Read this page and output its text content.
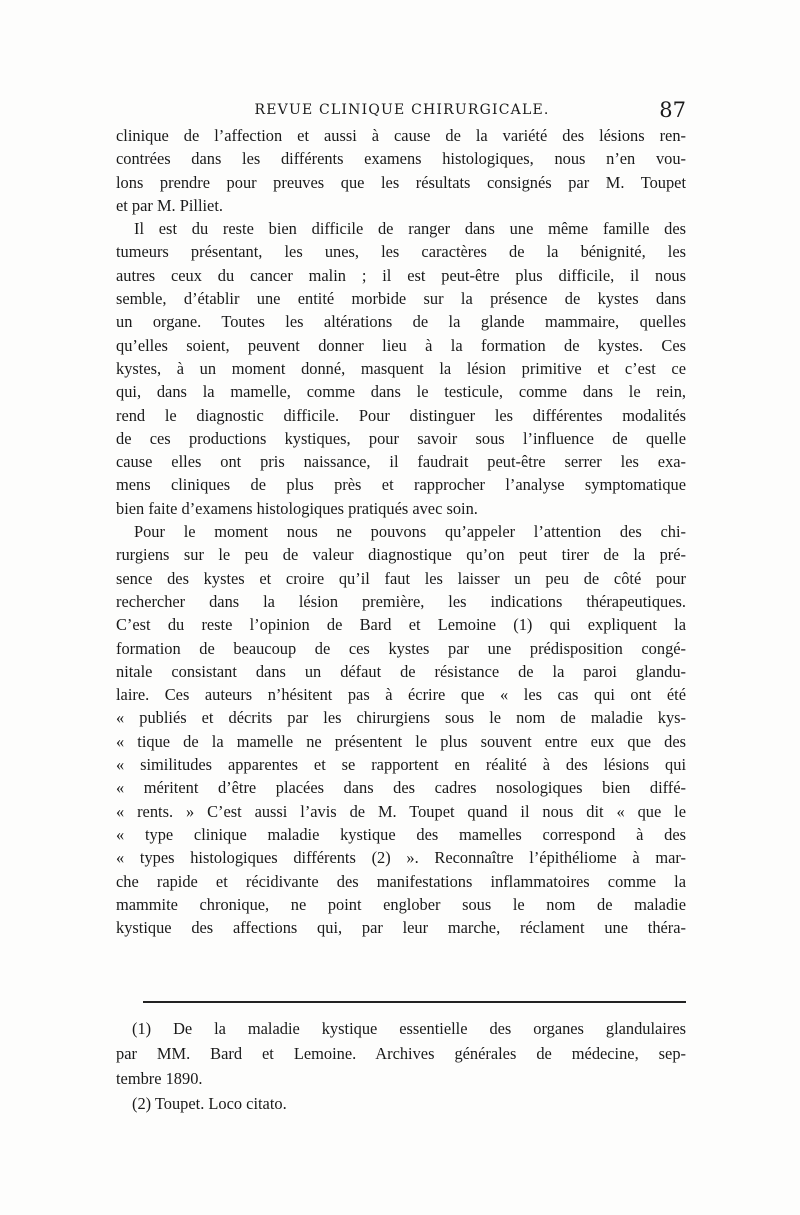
REVUE CLINIQUE CHIRURGICALE.	87
clinique de l’affection et aussi à cause de la variété des lésions ren-
contrées dans les différents examens histologiques, nous n’en vou-
lons prendre pour preuves que les résultats consignés par M. Toupet
et par M. Pilliet.
Il est du reste bien difficile de ranger dans une même famille des
tumeurs présentant, les unes, les caractères de la bénignité, les
autres ceux du cancer malin ; il est peut-être plus difficile, il nous
semble, d’établir une entité morbide sur la présence de kystes dans
un organe. Toutes les altérations de la glande mammaire, quelles
qu’elles soient, peuvent donner lieu à la formation de kystes. Ces
kystes, à un moment donné, masquent la lésion primitive et c’est ce
qui, dans la mamelle, comme dans le testicule, comme dans le rein,
rend le diagnostic difficile. Pour distinguer les différentes modalités
de ces productions kystiques, pour savoir sous l’influence de quelle
cause elles ont pris naissance, il faudrait peut-être serrer les exa-
mens cliniques de plus près et rapprocher l’analyse symptomatique
bien faite d’examens histologiques pratiqués avec soin.
Pour le moment nous ne pouvons qu’appeler l’attention des chi-
rurgiens sur le peu de valeur diagnostique qu’on peut tirer de la pré-
sence des kystes et croire qu’il faut les laisser un peu de côté pour
rechercher dans la lésion première, les indications thérapeutiques.
C’est du reste l’opinion de Bard et Lemoine (1) qui expliquent la
formation de beaucoup de ces kystes par une prédisposition congé-
nitale consistant dans un défaut de résistance de la paroi glandu-
laire. Ces auteurs n’hésitent pas à écrire que « les cas qui ont été
« publiés et décrits par les chirurgiens sous le nom de maladie kys-
« tique de la mamelle ne présentent le plus souvent entre eux que des
« similitudes apparentes et se rapportent en réalité à des lésions qui
« méritent d’être placées dans des cadres nosologiques bien diffé-
« rents. » C’est aussi l’avis de M. Toupet quand il nous dit « que le
« type clinique maladie kystique des mamelles correspond à des
« types histologiques différents (2) ». Reconnaître l’épithéliome à mar-
che rapide et récidivante des manifestations inflammatoires comme la
mammite chronique, ne point englober sous le nom de maladie
kystique des affections qui, par leur marche, réclament une théra-
(1) De la maladie kystique essentielle des organes glandulaires
par MM. Bard et Lemoine. Archives générales de médecine, sep-
tembre 1890.
(2) Toupet. Loco citato.
